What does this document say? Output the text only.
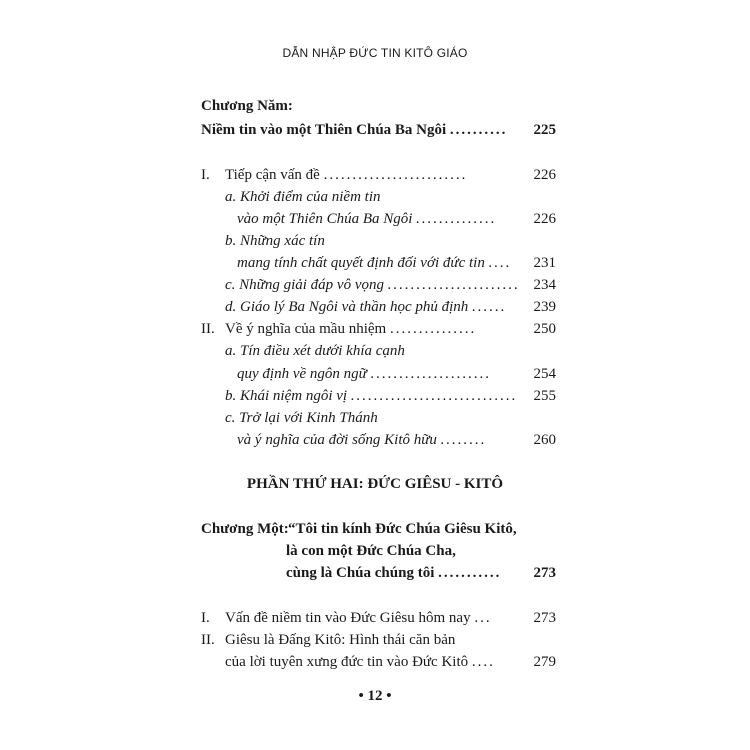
DẪN NHẬP ĐỨC TIN KITÔ GIÁO
Chương Năm:
Niềm tin vào một Thiên Chúa Ba Ngôi ..........	225
I. Tiếp cận vấn đề .........................	226
a. Khởi điểm của niềm tin
vào một Thiên Chúa Ba Ngôi ..............	226
b. Những xác tín
mang tính chất quyết định đối với đức tin ....	231
c. Những giải đáp vô vọng ....................... 234
d. Giáo lý Ba Ngôi và thần học phủ định ......	239
II. Về ý nghĩa của mầu nhiệm ...............	250
a. Tín điều xét dưới khía cạnh
quy định về ngôn ngữ .....................	254
b. Khái niệm ngôi vị .............................	255
c. Trở lại với Kinh Thánh
và ý nghĩa của đời sống Kitô hữu ........	260
PHẦN THỨ HAI: ĐỨC GIÊSU - KITÔ
Chương Một: “Tôi tin kính Đức Chúa Giêsu Kitô,
là con một Đức Chúa Cha,
cùng là Chúa chúng tôi ...........	273
I. Vấn đề niềm tin vào Đức Giêsu hôm nay ...	273
II. Giêsu là Đấng Kitô: Hình thái căn bản
của lời tuyên xưng đức tin vào Đức Kitô ....	279
• 12 •
